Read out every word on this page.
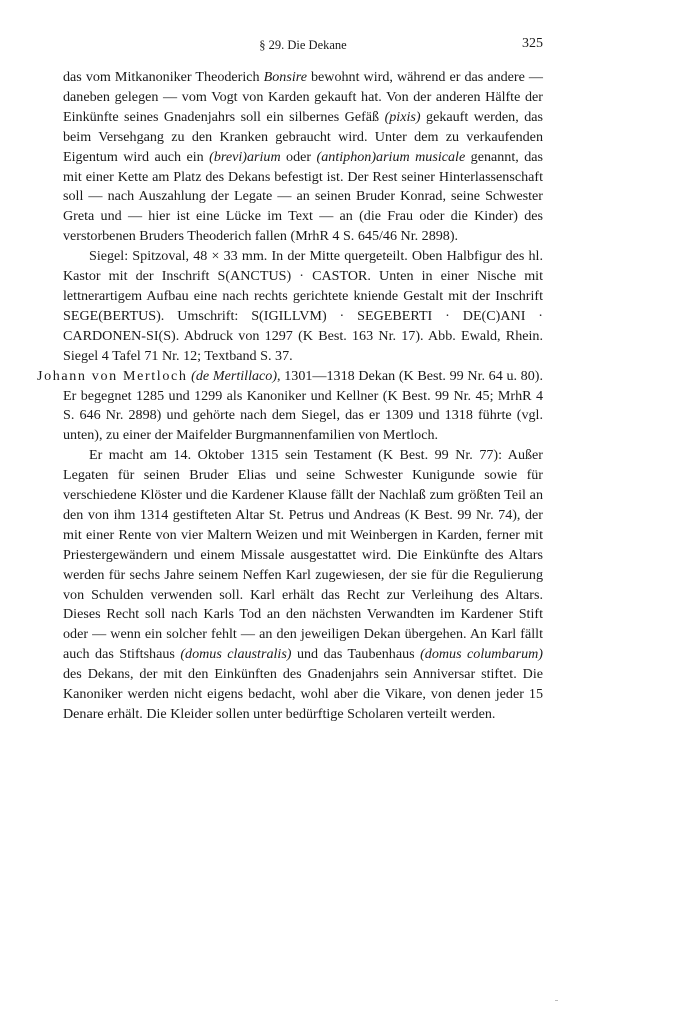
§ 29. Die Dekane	325

das vom Mitkanoniker Theoderich Bonsire bewohnt wird, während er das andere — daneben gelegen — vom Vogt von Karden gekauft hat. Von der anderen Hälfte der Einkünfte seines Gnadenjahrs soll ein silbernes Gefäß (pixis) gekauft werden, das beim Versehgang zu den Kranken gebraucht wird. Unter dem zu verkaufenden Eigentum wird auch ein (brevi)arium oder (antiphon)arium musicale genannt, das mit einer Kette am Platz des Dekans befestigt ist. Der Rest seiner Hinterlassenschaft soll — nach Auszahlung der Legate — an seinen Bruder Konrad, seine Schwester Greta und — hier ist eine Lücke im Text — an (die Frau oder die Kinder) des verstorbenen Bruders Theoderich fallen (MrhR 4 S. 645/46 Nr. 2898).

Siegel: Spitzoval, 48 × 33 mm. In der Mitte quergeteilt. Oben Halbfigur des hl. Kastor mit der Inschrift S(ANCTUS) · CASTOR. Unten in einer Nische mit lettnerartigem Aufbau eine nach rechts gerichtete kniende Gestalt mit der Inschrift SEGE(BERTUS). Umschrift: S(IGILLVM) · SEGEBERTI · DE(C)ANI · CARDONEN-SI(S). Abdruck von 1297 (K Best. 163 Nr. 17). Abb. Ewald, Rhein. Siegel 4 Tafel 71 Nr. 12; Textband S. 37.

Johann von Mertloch (de Mertillaco), 1301—1318 Dekan (K Best. 99 Nr. 64 u. 80). Er begegnet 1285 und 1299 als Kanoniker und Kellner (K Best. 99 Nr. 45; MrhR 4 S. 646 Nr. 2898) und gehörte nach dem Siegel, das er 1309 und 1318 führte (vgl. unten), zu einer der Maifelder Burgmannenfamilien von Mertloch.

Er macht am 14. Oktober 1315 sein Testament (K Best. 99 Nr. 77): Außer Legaten für seinen Bruder Elias und seine Schwester Kunigunde sowie für verschiedene Klöster und die Kardener Klause fällt der Nachlaß zum größten Teil an den von ihm 1314 gestifteten Altar St. Petrus und Andreas (K Best. 99 Nr. 74), der mit einer Rente von vier Maltern Weizen und mit Weinbergen in Karden, ferner mit Priestergewändern und einem Missale ausgestattet wird. Die Einkünfte des Altars werden für sechs Jahre seinem Neffen Karl zugewiesen, der sie für die Regulierung von Schulden verwenden soll. Karl erhält das Recht zur Verleihung des Altars. Dieses Recht soll nach Karls Tod an den nächsten Verwandten im Kardener Stift oder — wenn ein solcher fehlt — an den jeweiligen Dekan übergehen. An Karl fällt auch das Stiftshaus (domus claustralis) und das Taubenhaus (domus columbarum) des Dekans, der mit den Einkünften des Gnadenjahrs sein Anniversar stiftet. Die Kanoniker werden nicht eigens bedacht, wohl aber die Vikare, von denen jeder 15 Denare erhält. Die Kleider sollen unter bedürftige Scholaren verteilt werden.
